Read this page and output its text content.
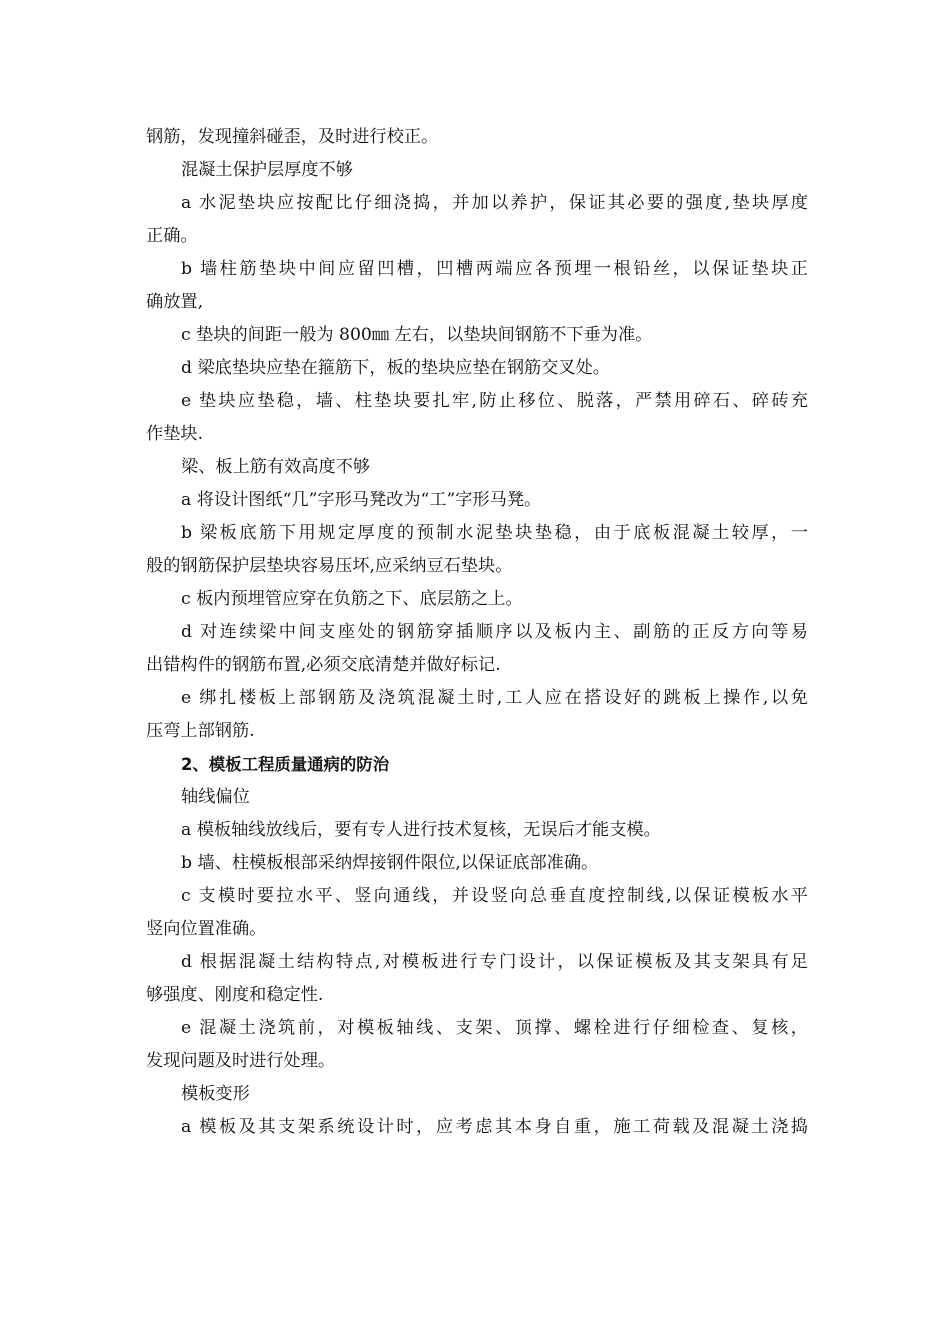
钢筋，发现撞斜碰歪，及时进行校正。
混凝土保护层厚度不够
a 水泥垫块应按配比仔细浇捣，并加以养护，保证其必要的强度,垫块厚度
正确。
b 墙柱筋垫块中间应留凹槽，凹槽两端应各预埋一根铅丝，以保证垫块正
确放置,
c 垫块的间距一般为 800㎜ 左右，以垫块间钢筋不下垂为准。
d 梁底垫块应垫在箍筋下，板的垫块应垫在钢筋交叉处。
e 垫块应垫稳，墙、柱垫块要扎牢,防止移位、脱落，严禁用碎石、碎砖充
作垫块.
梁、板上筋有效高度不够
a 将设计图纸“几”字形马凳改为“工”字形马凳。
b 梁板底筋下用规定厚度的预制水泥垫块垫稳，由于底板混凝土较厚，一
般的钢筋保护层垫块容易压坏,应采纳豆石垫块。
c 板内预埋管应穿在负筋之下、底层筋之上。
d 对连续梁中间支座处的钢筋穿插顺序以及板内主、副筋的正反方向等易
出错构件的钢筋布置,必须交底清楚并做好标记.
e 绑扎楼板上部钢筋及浇筑混凝土时,工人应在搭设好的跳板上操作,以免
压弯上部钢筋.
2、模板工程质量通病的防治
轴线偏位
a 模板轴线放线后，要有专人进行技术复核，无误后才能支模。
b 墙、柱模板根部采纳焊接钢件限位,以保证底部准确。
c 支模时要拉水平、竖向通线，并设竖向总垂直度控制线,以保证模板水平
竖向位置准确。
d 根据混凝土结构特点,对模板进行专门设计，以保证模板及其支架具有足
够强度、刚度和稳定性.
e 混凝土浇筑前，对模板轴线、支架、顶撑、螺栓进行仔细检查、复核，
发现问题及时进行处理。
模板变形
a 模板及其支架系统设计时，应考虑其本身自重，施工荷载及混凝土浇捣
